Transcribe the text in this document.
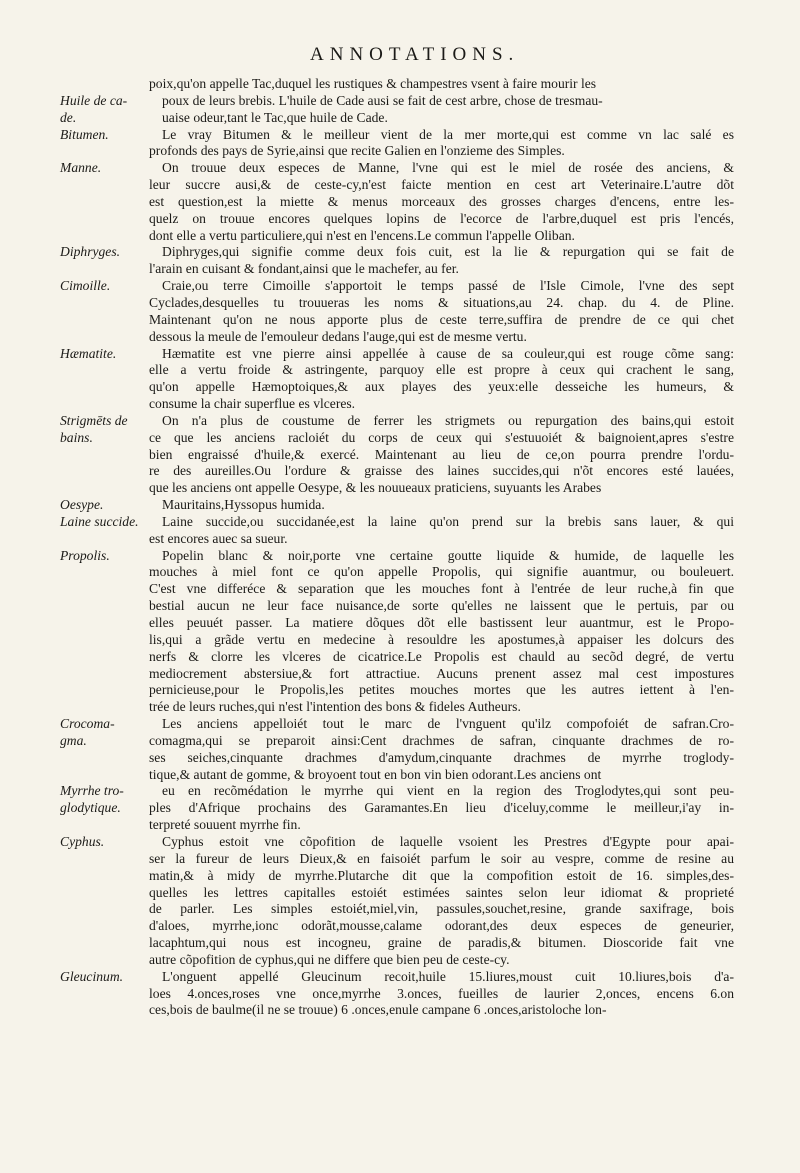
ANNOTATIONS.
poix,qu'on appelle Tac,duquel les rustiques & champestres vsent à faire mourir les
Huile de ca-	poux de leurs brebis. L'huile de Cade ausi se fait de cest arbre, chose de tresmau-
de.	uaise odeur,tant le Tac,que huile de Cade.
Bitumen.	Le vray Bitumen & le meilleur vient de la mer morte,qui est comme vn lac salé es
profonds des pays de Syrie,ainsi que recite Galien en l'onzieme des Simples.
Manne.	On trouue deux especes de Manne, l'vne qui est le miel de rosée des anciens, &
leur succre ausi,& de ceste-cy,n'est faicte mention en cest art Veterinaire.L'autre dõt
est question,est la miette & menus morceaux des grosses charges d'encens, entre les-
quelz on trouue encores quelques lopins de l'ecorce de l'arbre,duquel est pris l'encés,
dont elle a vertu particuliere,qui n'est en l'encens.Le commun l'appelle Oliban.
Diphryges.	Diphryges,qui signifie comme deux fois cuit, est la lie & repurgation qui se fait de
l'arain en cuisant & fondant,ainsi que le machefer, au fer.
Cimoille.	Craie,ou terre Cimoille s'apportoit le temps passé de l'Isle Cimole, l'vne des sept
Cyclades,desquelles tu trouueras les noms & situations,au 24. chap. du 4. de Pline.
Maintenant qu'on ne nous apporte plus de ceste terre,suffira de prendre de ce qui chet
dessous la meule de l'emouleur dedans l'auge,qui est de mesme vertu.
Hæmatite.	Hæmatite est vne pierre ainsi appellée à cause de sa couleur,qui est rouge cõme sang:
elle a vertu froide & astringente, parquoy elle est propre à ceux qui crachent le sang,
qu'on appelle Hæmoptoiques,& aux playes des yeux:elle desseiche les humeurs, &
consume la chair superflue es vlceres.
Strigmēts de	On n'a plus de coustume de ferrer les strigmets ou repurgation des bains,qui estoit
bains.	ce que les anciens racloiét du corps de ceux qui s'estuuoiét & baignoient,apres s'estre
bien engraissé d'huile,& exercé. Maintenant au lieu de ce,on pourra prendre l'ordu-
re des aureilles.Ou l'ordure & graisse des laines succides,qui n'õt encores esté lauées,
que les anciens ont appelle Oesype, & les nouueaux praticiens, suyuants les Arabes
Oesype.	Mauritains,Hyssopus humida.
Laine succide.	Laine succide,ou succidanée,est la laine qu'on prend sur la brebis sans lauer, & qui
est encores auec sa sueur.
Propolis.	Popelin blanc & noir,porte vne certaine goutte liquide & humide, de laquelle les
mouches à miel font ce qu'on appelle Propolis, qui signifie auantmur, ou bouleuert.
C'est vne differéce & separation que les mouches font à l'entrée de leur ruche,à fin que
bestial aucun ne leur face nuisance,de sorte qu'elles ne laissent que le pertuis, par ou
elles peuuét passer. La matiere dõques dõt elle bastissent leur auantmur, est le Propo-
lis,qui a grãde vertu en medecine à resouldre les apostumes,à appaiser les dolcurs des
nerfs & clorre les vlceres de cicatrice.Le Propolis est chauld au secõd degré, de vertu
mediocrement abstersiue,& fort attractiue. Aucuns prenent assez mal cest impostures
pernicieuse,pour le Propolis,les petites mouches mortes que les autres iettent à l'en-
trée de leurs ruches,qui n'est l'intention des bons & fideles Autheurs.
Crocoma-	Les anciens appelloiét tout le marc de l'vnguent qu'ilz compofoiét de safran.Cro-
gma.	comagma,qui se preparoit ainsi:Cent drachmes de safran, cinquante drachmes de ro-
ses seiches,cinquante drachmes d'amydum,cinquante drachmes de myrrhe troglody-
tique,& autant de gomme, & broyoent tout en bon vin bien odorant.Les anciens ont
Myrrhe tro-	eu en recõmédation le myrrhe qui vient en la region des Troglodytes,qui sont peu-
glodytique.	ples d'Afrique prochains des Garamantes.En lieu d'iceluy,comme le meilleur,i'ay in-
terpreté souuent myrrhe fin.
Cyphus.	Cyphus estoit vne cõpofition de laquelle vsoient les Prestres d'Egypte pour apai-
ser la fureur de leurs Dieux,& en faisoiét parfum le soir au vespre, comme de resine au
matin,& à midy de myrrhe.Plutarche dit que la compofition estoit de 16. simples,des-
quelles les lettres capitalles estoiét estimées saintes selon leur idiomat & proprieté
de parler. Les simples estoiét,miel,vin, passules,souchet,resine, grande saxifrage, bois
d'aloes, myrrhe,ionc odorãt,mousse,calame odorant,des deux especes de geneurier,
lacaphtum,qui nous est incogneu, graine de paradis,& bitumen. Dioscoride fait vne
autre cõpofition de cyphus,qui ne differe que bien peu de ceste-cy.
Gleucinum.	L'onguent appellé Gleucinum recoit,huile 15.liures,moust cuit 10.liures,bois d'a-
loes 4.onces,roses vne once,myrrhe 3.onces, fueilles de laurier 2,onces, encens 6.on
ces,bois de baulme(il ne se trouue) 6 .onces,enule campane 6 .onces,aristoloche lon-
